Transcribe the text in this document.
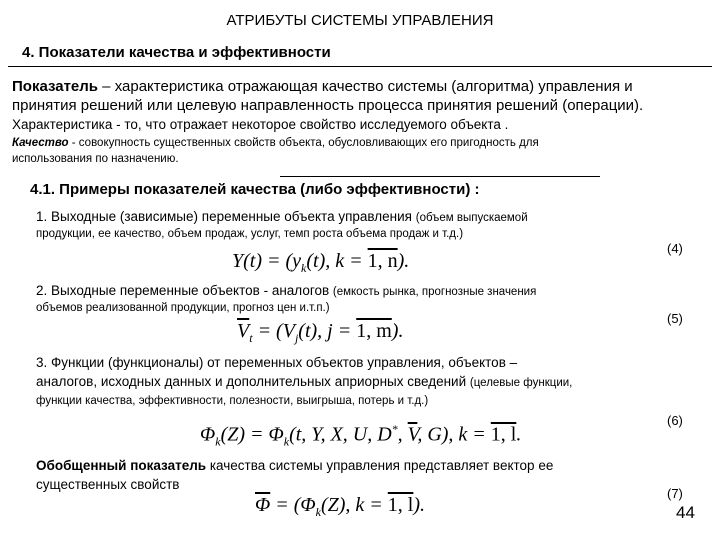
АТРИБУТЫ СИСТЕМЫ УПРАВЛЕНИЯ
4. Показатели качества и эффективности
Показатель – характеристика отражающая качество системы (алгоритма) управления и
принятия решений или целевую направленность процесса принятия решений (операции).
Характеристика - то, что отражает некоторое свойство исследуемого объекта .
Качество - совокупность существенных свойств объекта, обусловливающих его пригодность для
использования по назначению.
4.1. Примеры показателей качества (либо эффективности) :
1. Выходные (зависимые) переменные объекта управления (объем выпускаемой
продукции, ее качество, объем продаж, услуг, темп роста объема продаж и т.д.)
$Y(t) = (y_k(t)$, k = 1, n).
(4)
2. Выходные переменные объектов - аналогов (емкость рынка, прогнозные значения
объемов реализованной продукции, прогноз цен и.т.п.)
$\overline{V}_t = (V_j(t)$, j = 1, m).
(5)
3. Функции (функционалы) от переменных объектов управления, объектов –
аналогов, исходных данных и дополнительных априорных сведений (целевые функции,
функции качества, эффективности, полезности, выигрыша, потерь и т.д.)
$\Phi_k(Z) = \Phi_k(t$, Y, X, U, D*, $\overline{V}$, G), k = 1, l.
(6)
Обобщенный показатель качества системы управления представляет вектор ее
существенных свойств
$\overline{\Phi} = (\Phi_k(Z)$, k = 1, l).
(7)
44
